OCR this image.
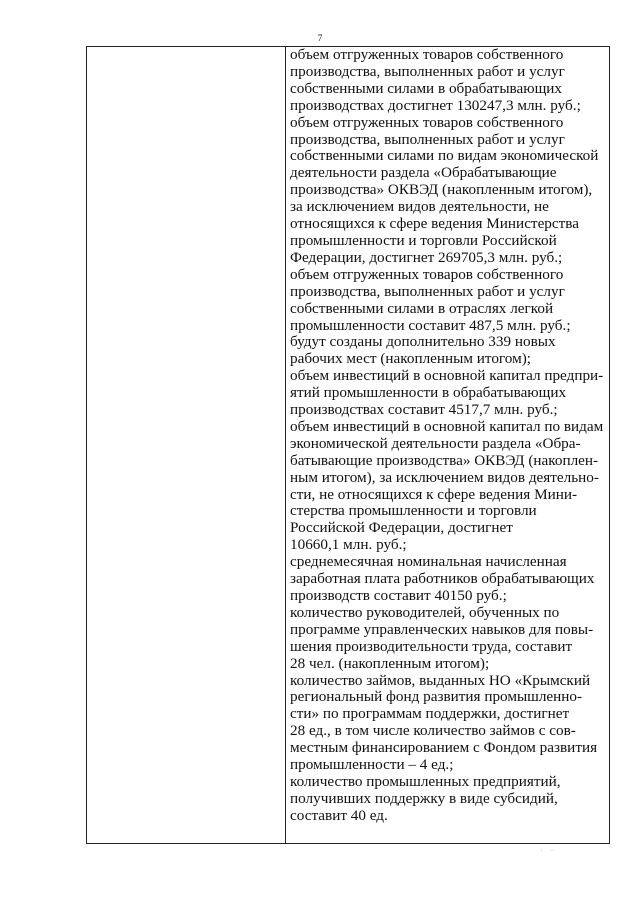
7

объем отгруженных товаров собственного
производства, выполненных работ и услуг
собственными силами в обрабатывающих
производствах достигнет 130247,3 млн. руб.;
объем отгруженных товаров собственного
производства, выполненных работ и услуг
собственными силами по видам экономической
деятельности раздела «Обрабатывающие
производства» ОКВЭД (накопленным итогом),
за исключением видов деятельности, не
относящихся к сфере ведения Министерства
промышленности и торговли Российской
Федерации, достигнет 269705,3 млн. руб.;
объем отгруженных товаров собственного
производства, выполненных работ и услуг
собственными силами в отраслях легкой
промышленности составит 487,5 млн. руб.;
будут созданы дополнительно 339 новых
рабочих мест (накопленным итогом);
объем инвестиций в основной капитал предпри-
ятий промышленности в обрабатывающих
производствах составит 4517,7 млн. руб.;
объем инвестиций в основной капитал по видам
экономической деятельности раздела «Обра-
батывающие производства» ОКВЭД (накоплен-
ным итогом), за исключением видов деятельно-
сти, не относящихся к сфере ведения Мини-
стерства промышленности и торговли
Российской Федерации, достигнет
10660,1 млн. руб.;
среднемесячная номинальная начисленная
заработная плата работников обрабатывающих
производств составит 40150 руб.;
количество руководителей, обученных по
программе управленческих навыков для повы-
шения производительности труда, составит
28 чел. (накопленным итогом);
количество займов, выданных НО «Крымский
региональный фонд развития промышленно-
сти» по программам поддержки, достигнет
28 ед., в том числе количество займов с сов-
местным финансированием с Фондом развития
промышленности – 4 ед.;
количество промышленных предприятий,
получивших поддержку в виде субсидий,
составит 40 ед.
· ·
